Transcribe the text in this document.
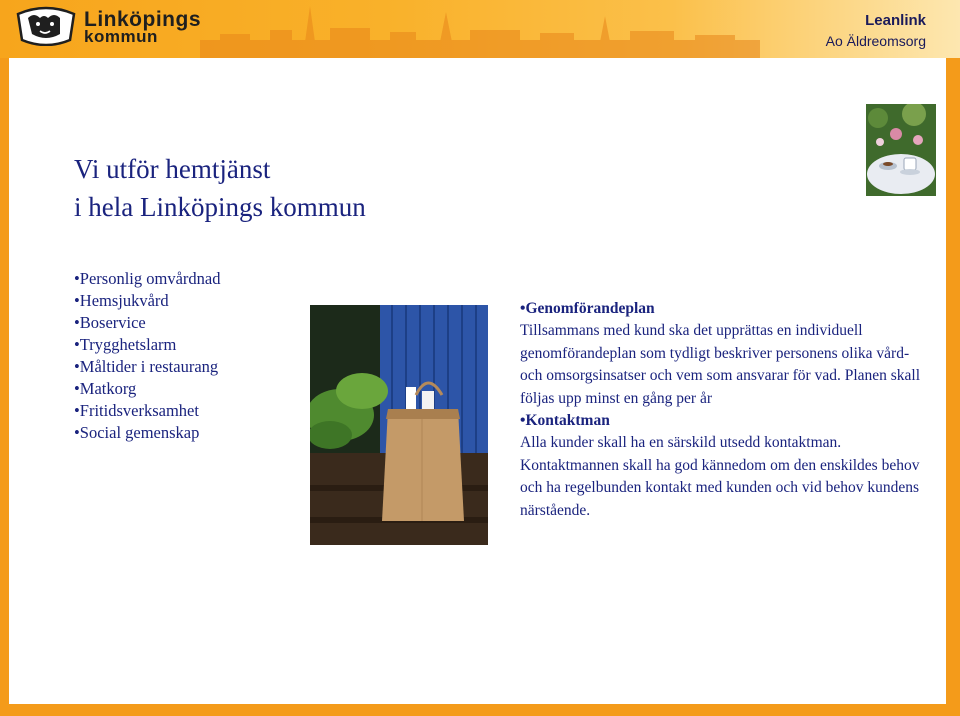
Linköpings
kommun
Leanlink
Ao Äldreomsorg
Vi utför hemtjänst
i hela Linköpings kommun
• Personlig omvårdnad
• Hemsjukvård
• Boservice
• Trygghetslarm
• Måltider i restaurang
• Matkorg
• Fritidsverksamhet
• Social gemenskap
• Genomförandeplan

Tillsammans med kund ska det upprättas en individuell genomförandeplan som tydligt beskriver personens olika vård- och omsorgsinsatser och vem som ansvarar för vad. Planen skall följas upp minst en gång per år

• Kontaktman

Alla kunder skall ha en särskild utsedd kontaktman. Kontaktmannen skall ha god kännedom om den enskildes behov och ha regelbunden kontakt med kunden och vid behov kundens närstående.
